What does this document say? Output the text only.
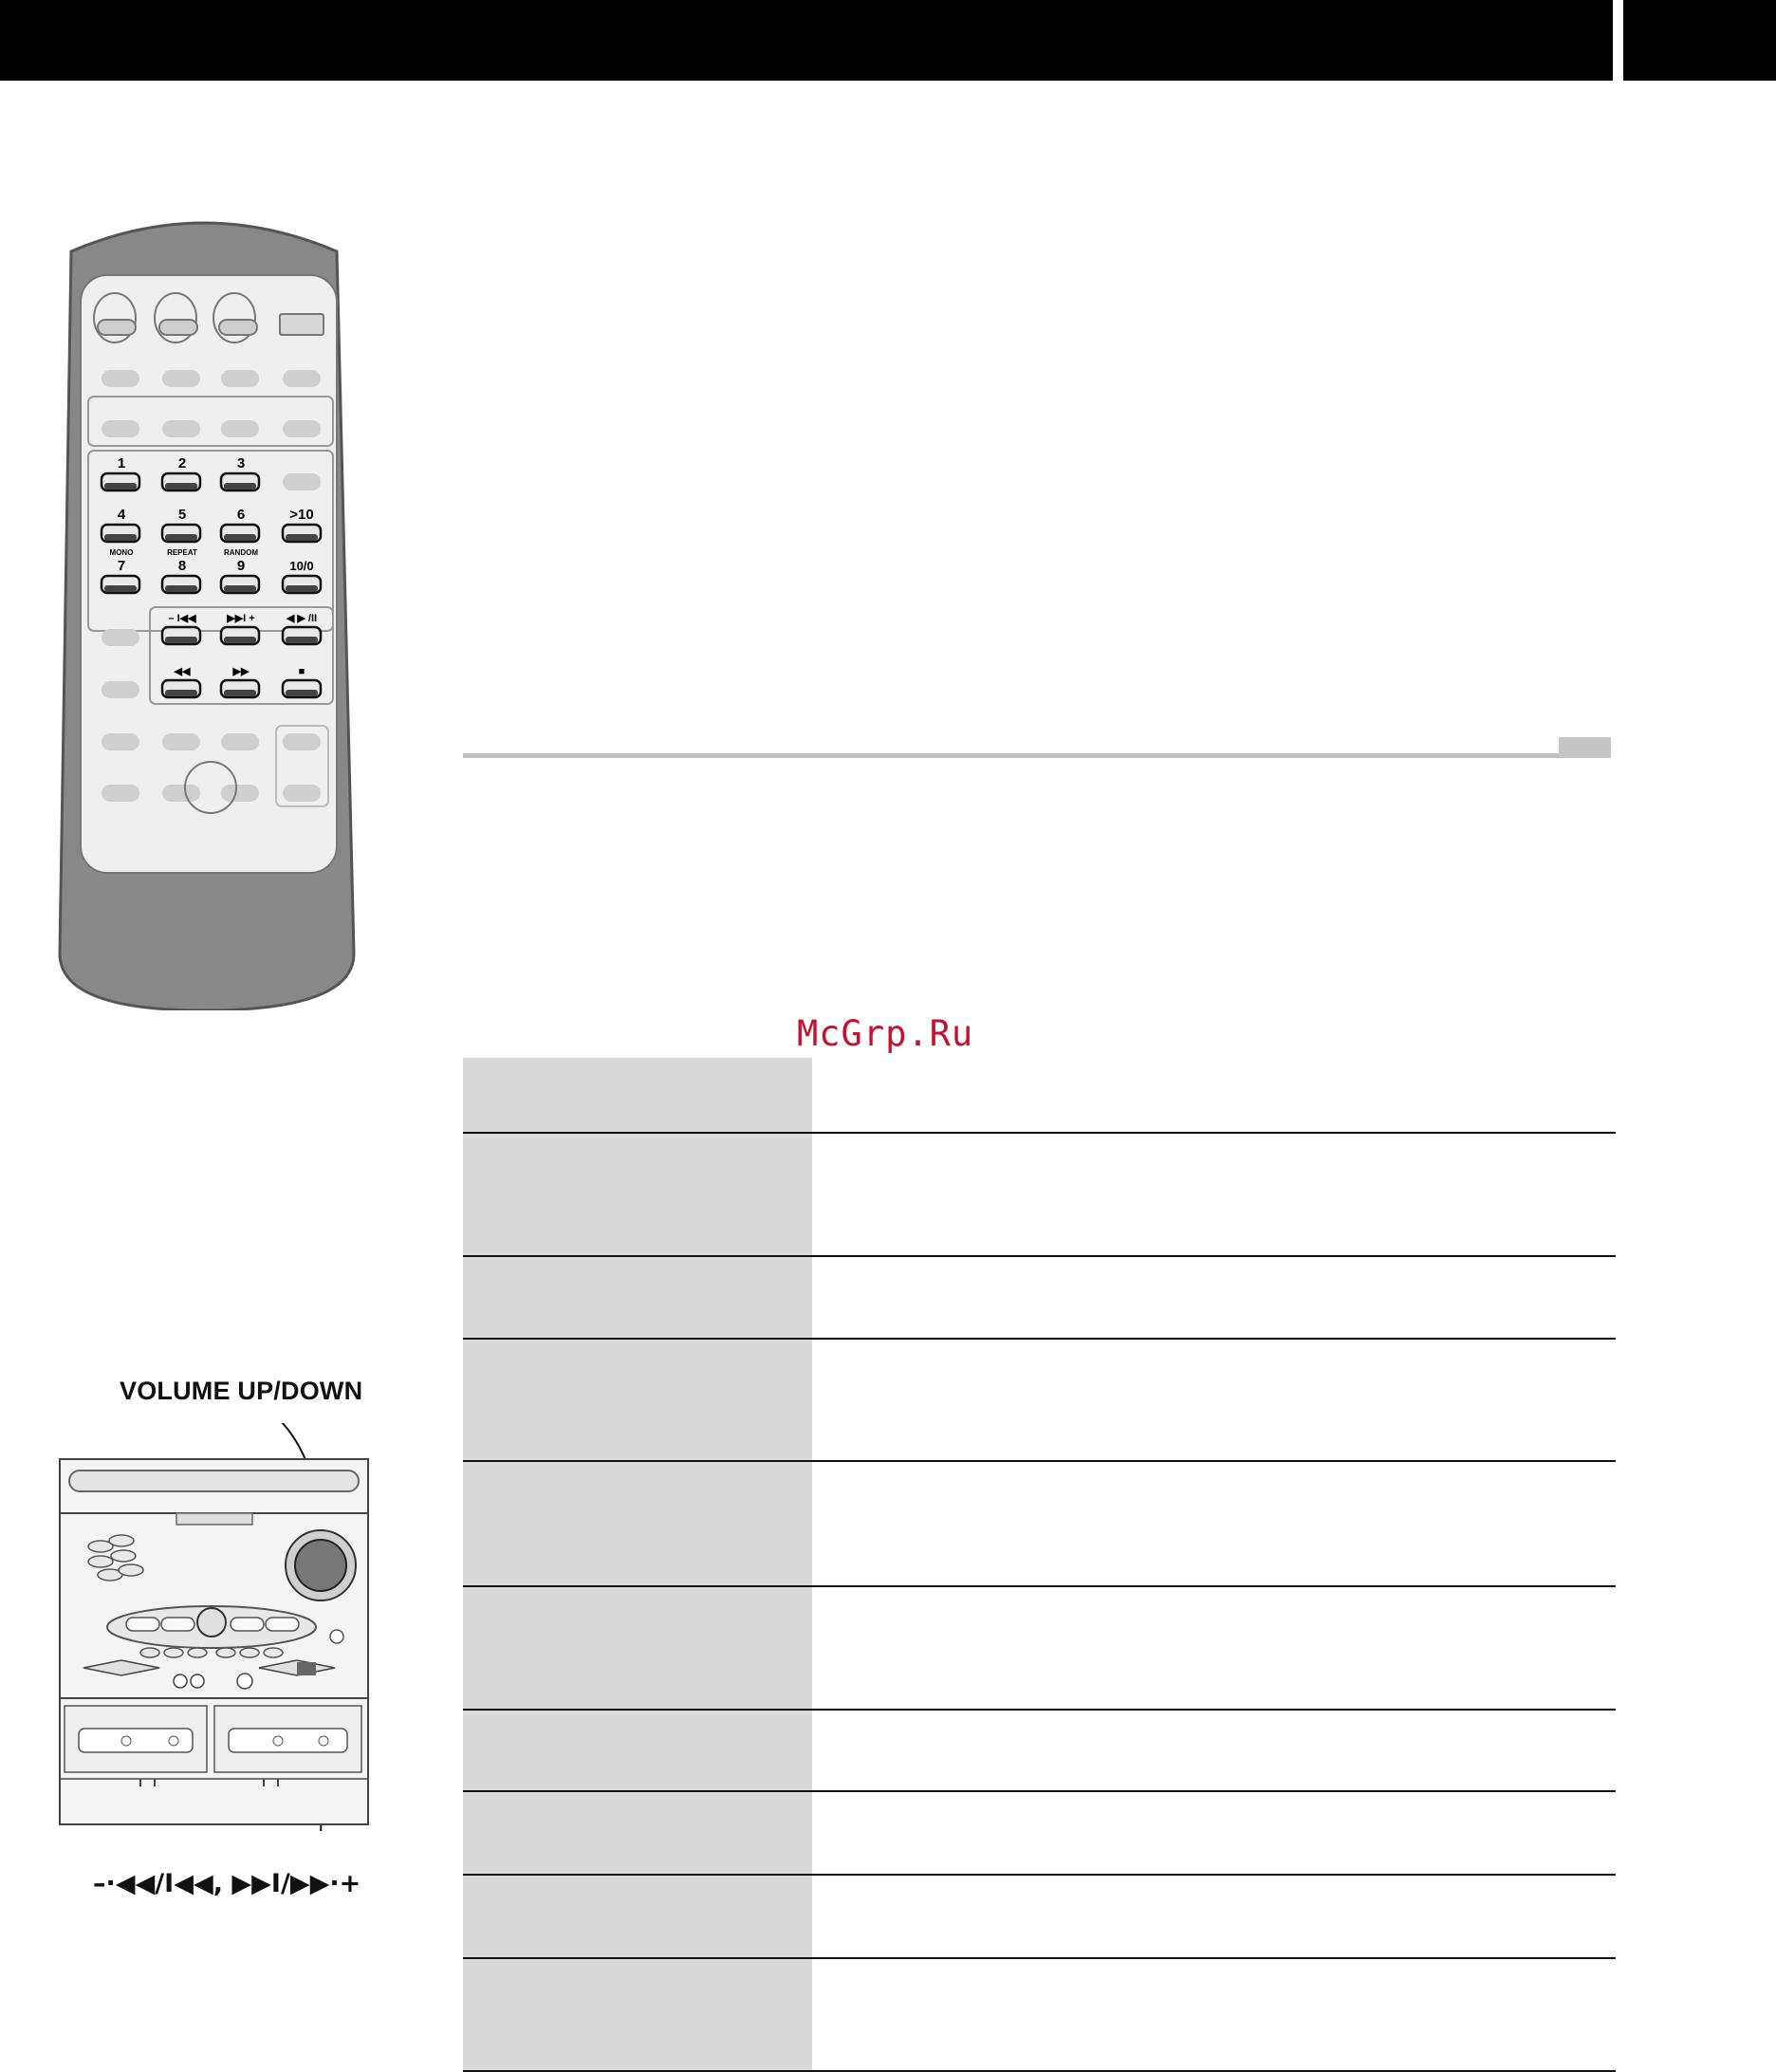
1	2	3
4	5	6	>10
MONO	REPEAT	RANDOM
7	8	9	10/0
– I◀◀	▶▶I +	◀ ▶ /II
◀◀	▶▶	■
McGrp.Ru
VOLUME UP/DOWN
–·◀◀/I◀◀, ▶▶I/▶▶·+
